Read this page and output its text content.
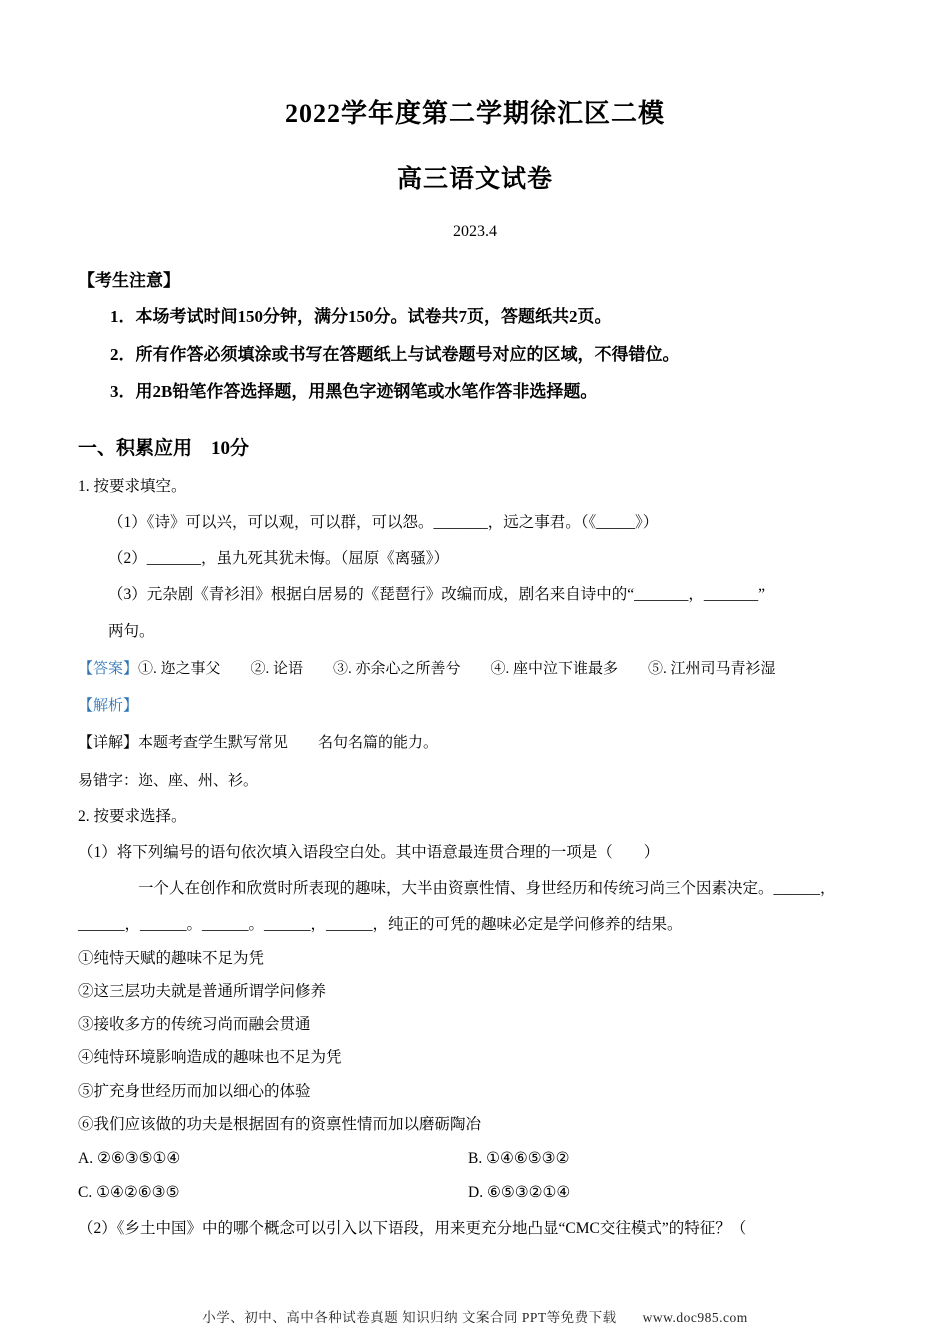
2022学年度第二学期徐汇区二模
高三语文试卷
2023.4
【考生注意】
1．本场考试时间150分钟，满分150分。试卷共7页，答题纸共2页。
2．所有作答必须填涂或书写在答题纸上与试卷题号对应的区域，不得错位。
3．用2B铅笔作答选择题，用黑色字迹钢笔或水笔作答非选择题。
一、积累应用　10分
1. 按要求填空。
（1）《诗》可以兴，可以观，可以群，可以怨。_______，远之事君。（《_____》）
（2）_______，虽九死其犹未悔。（屈原《离骚》）
（3）元杂剧《青衫泪》根据白居易的《琵琶行》改编而成，剧名来自诗中的“_______，_______”
两句。
【答案】①. 迩之事父　　②. 论语　　③. 亦余心之所善兮　　④. 座中泣下谁最多　　⑤. 江州司马青衫湿
【解析】
【详解】本题考查学生默写常见　　名句名篇的能力。
易错字：迩、座、州、衫。
2. 按要求选择。
（1）将下列编号的语句依次填入语段空白处。其中语意最连贯合理的一项是（　　）
一个人在创作和欣赏时所表现的趣味，大半由资禀性情、身世经历和传统习尚三个因素决定。______，
______，______。______。______，______，纯正的可凭的趣味必定是学问修养的结果。
①纯恃天赋的趣味不足为凭
②这三层功夫就是普通所谓学问修养
③接收多方的传统习尚而融会贯通
④纯恃环境影响造成的趣味也不足为凭
⑤扩充身世经历而加以细心的体验
⑥我们应该做的功夫是根据固有的资禀性情而加以磨砺陶冶
A. ②⑥③⑤①④	B. ①④⑥⑤③②
C. ①④②⑥③⑤	D. ⑥⑤③②①④
（2）《乡土中国》中的哪个概念可以引入以下语段，用来更充分地凸显“CMC交往模式”的特征？（
小学、初中、高中各种试卷真题 知识归纳 文案合同 PPT等免费下载 www.doc985.com
